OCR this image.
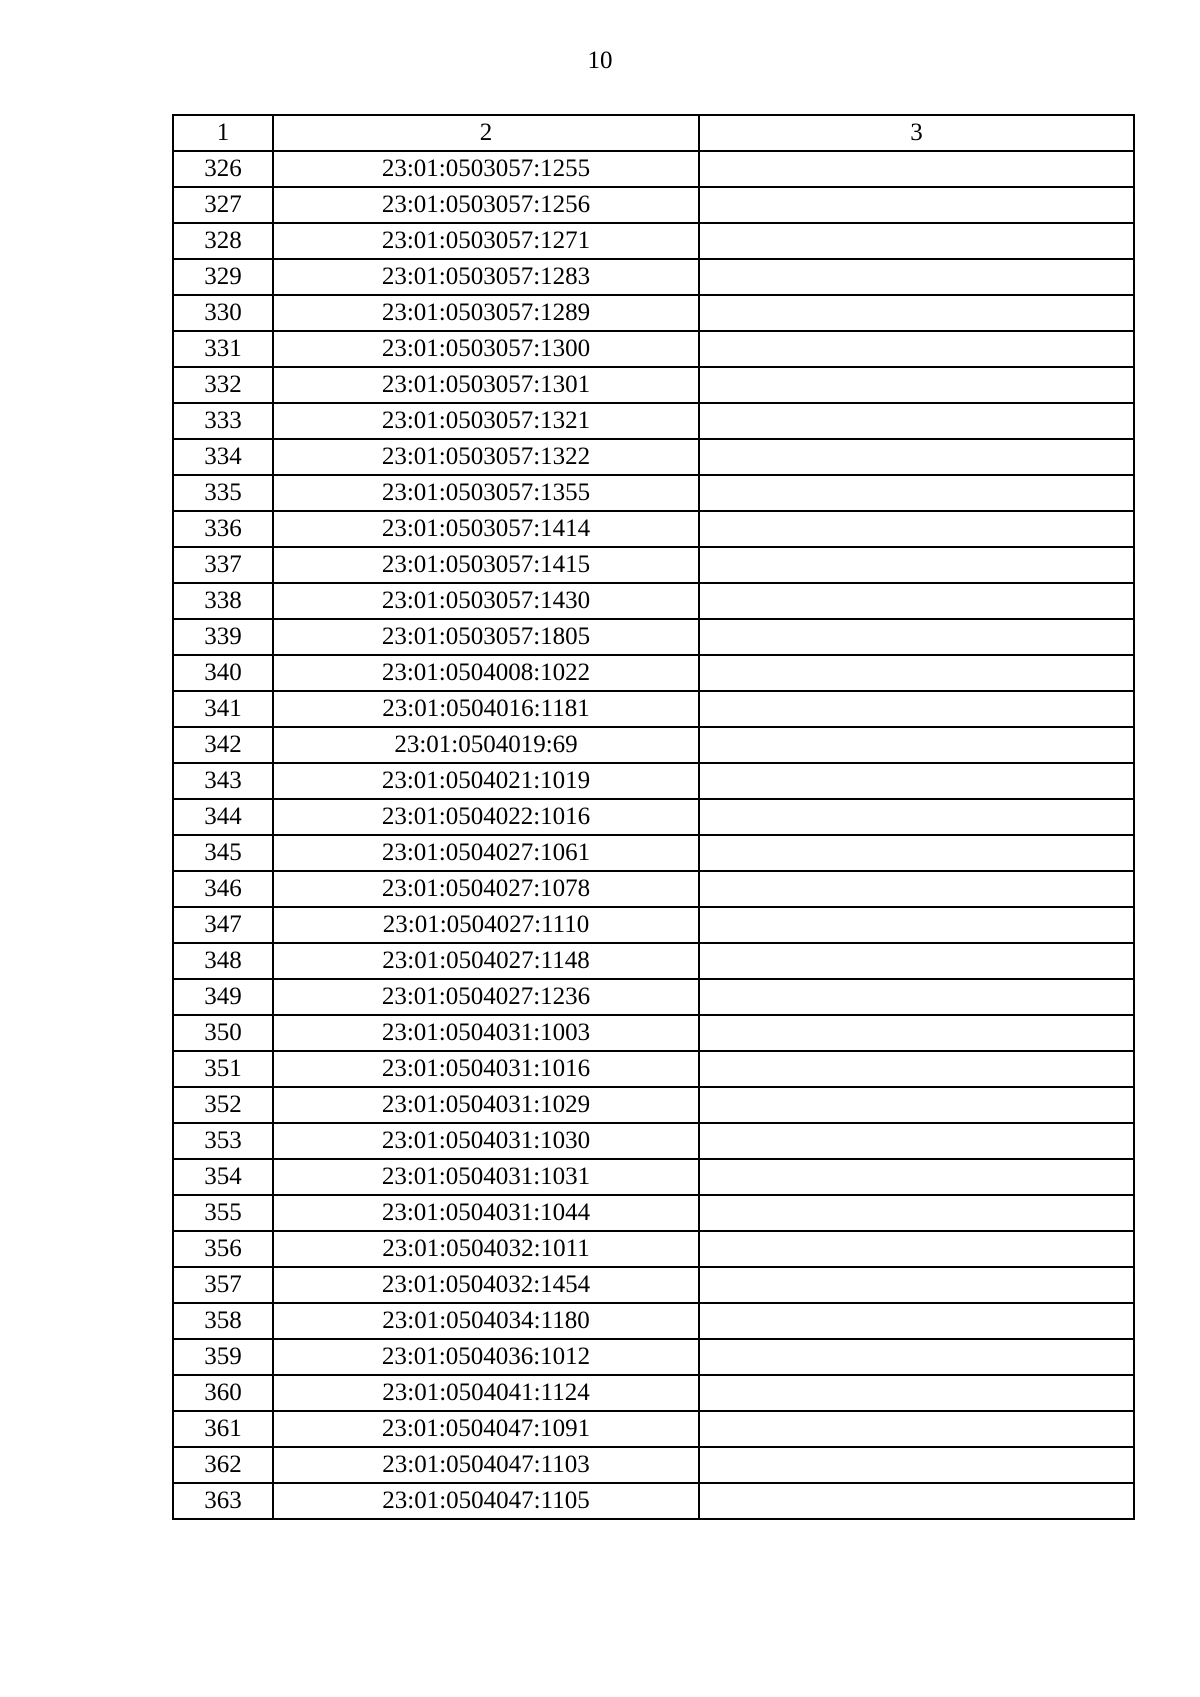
10
1	2	3
326	23:01:0503057:1255	
327	23:01:0503057:1256	
328	23:01:0503057:1271	
329	23:01:0503057:1283	
330	23:01:0503057:1289	
331	23:01:0503057:1300	
332	23:01:0503057:1301	
333	23:01:0503057:1321	
334	23:01:0503057:1322	
335	23:01:0503057:1355	
336	23:01:0503057:1414	
337	23:01:0503057:1415	
338	23:01:0503057:1430	
339	23:01:0503057:1805	
340	23:01:0504008:1022	
341	23:01:0504016:1181	
342	23:01:0504019:69	
343	23:01:0504021:1019	
344	23:01:0504022:1016	
345	23:01:0504027:1061	
346	23:01:0504027:1078	
347	23:01:0504027:1110	
348	23:01:0504027:1148	
349	23:01:0504027:1236	
350	23:01:0504031:1003	
351	23:01:0504031:1016	
352	23:01:0504031:1029	
353	23:01:0504031:1030	
354	23:01:0504031:1031	
355	23:01:0504031:1044	
356	23:01:0504032:1011	
357	23:01:0504032:1454	
358	23:01:0504034:1180	
359	23:01:0504036:1012	
360	23:01:0504041:1124	
361	23:01:0504047:1091	
362	23:01:0504047:1103	
363	23:01:0504047:1105	
